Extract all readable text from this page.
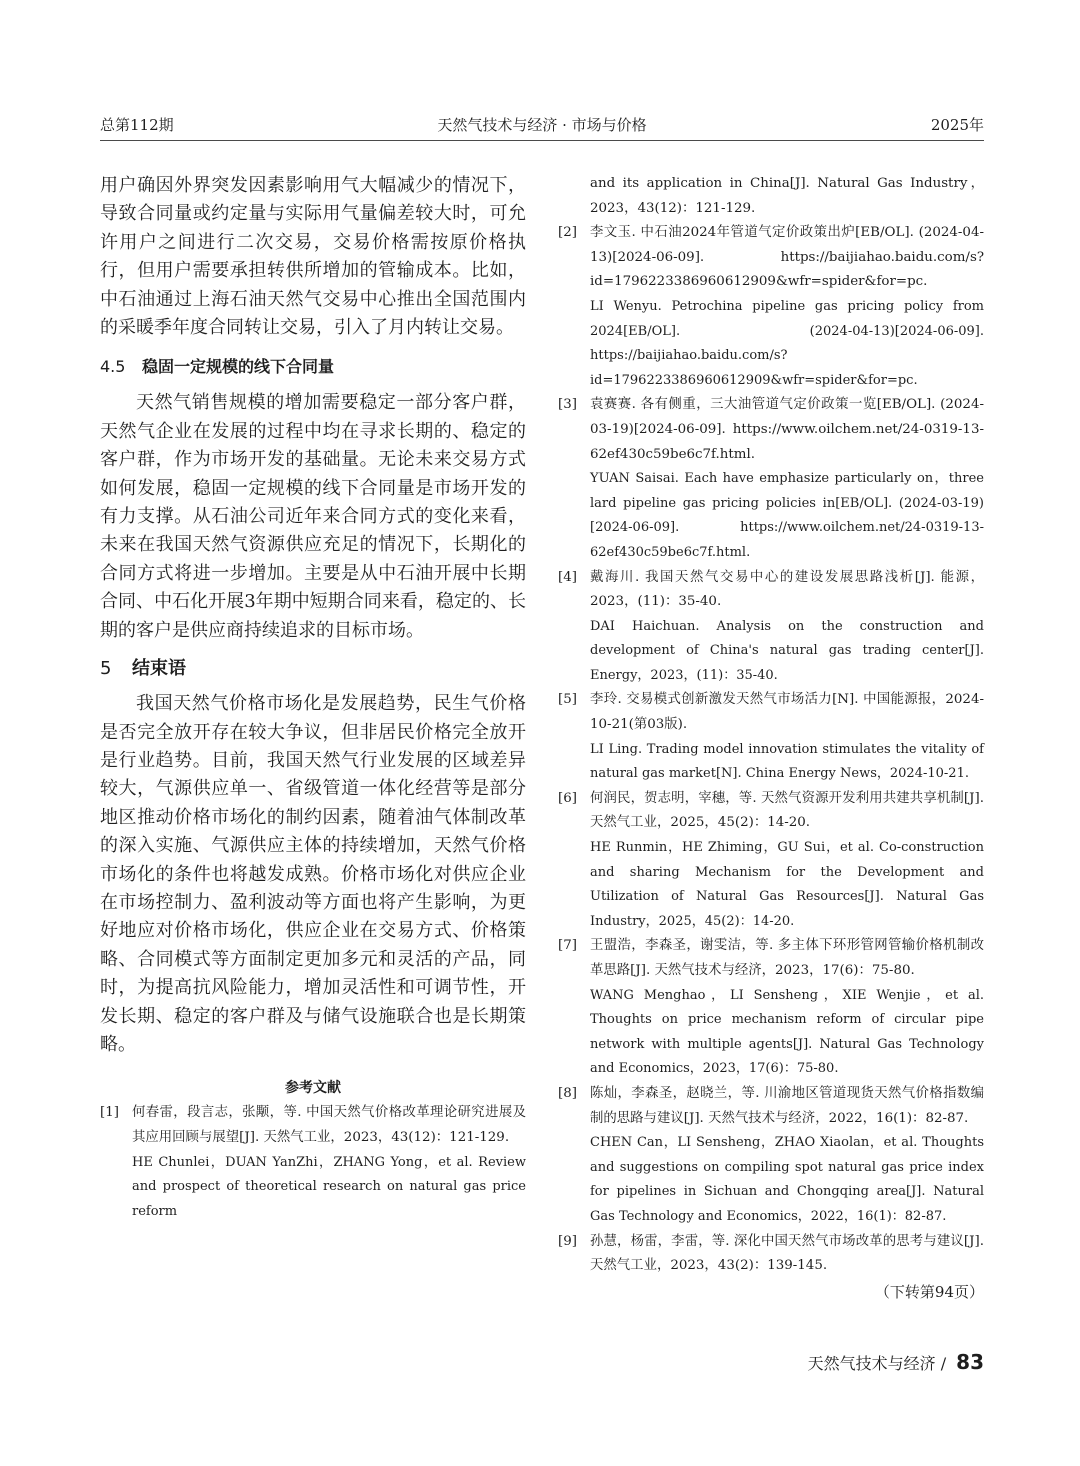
总第112期	天然气技术与经济 · 市场与价格	2025年

用户确因外界突发因素影响用气大幅减少的情况下，导致合同量或约定量与实际用气量偏差较大时，可允许用户之间进行二次交易，交易价格需按原价格执行，但用户需要承担转供所增加的管输成本。比如，中石油通过上海石油天然气交易中心推出全国范围内的采暖季年度合同转让交易，引入了月内转让交易。

4.5 稳固一定规模的线下合同量

天然气销售规模的增加需要稳定一部分客户群，天然气企业在发展的过程中均在寻求长期的、稳定的客户群，作为市场开发的基础量。无论未来交易方式如何发展，稳固一定规模的线下合同量是市场开发的有力支撑。从石油公司近年来合同方式的变化来看，未来在我国天然气资源供应充足的情况下，长期化的合同方式将进一步增加。主要是从中石油开展中长期合同、中石化开展3年期中短期合同来看，稳定的、长期的客户是供应商持续追求的目标市场。

5 结束语

我国天然气价格市场化是发展趋势，民生气价格是否完全放开存在较大争议，但非居民价格完全放开是行业趋势。目前，我国天然气行业发展的区域差异较大，气源供应单一、省级管道一体化经营等是部分地区推动价格市场化的制约因素，随着油气体制改革的深入实施、气源供应主体的持续增加，天然气价格市场化的条件也将越发成熟。价格市场化对供应企业在市场控制力、盈利波动等方面也将产生影响，为更好地应对价格市场化，供应企业在交易方式、价格策略、合同模式等方面制定更加多元和灵活的产品，同时，为提高抗风险能力，增加灵活性和可调节性，开发长期、稳定的客户群及与储气设施联合也是长期策略。

参考文献
[1] 何春雷，段言志，张颙，等. 中国天然气价格改革理论研究进展及其应用回顾与展望[J]. 天然气工业，2023，43(12)：121-129.

HE Chunlei，DUAN YanZhi，ZHANG Yong，et al. Review and prospect of theoretical research on natural gas price reform

and its application in China[J]. Natural Gas Industry，2023，43(12)：121-129.

[2] 李文玉. 中石油2024年管道气定价政策出炉[EB/OL]. (2024-04-13)[2024-06-09]. https://baijiahao.baidu.com/s?id=1796223386960612909&wfr=spider&for=pc.

LI Wenyu. Petrochina pipeline gas pricing policy from 2024[EB/OL]. (2024-04-13)[2024-06-09]. https://baijiahao.baidu.com/s?id=1796223386960612909&wfr=spider&for=pc.

[3] 袁赛赛. 各有侧重，三大油管道气定价政策一览[EB/OL]. (2024-03-19)[2024-06-09]. https://www.oilchem.net/24-0319-13-62ef430c59be6c7f.html.

YUAN Saisai. Each have emphasize particularly on，three lard pipeline gas pricing policies in[EB/OL]. (2024-03-19)[2024-06-09]. https://www.oilchem.net/24-0319-13-62ef430c59be6c7f.html.

[4] 戴海川. 我国天然气交易中心的建设发展思路浅析[J]. 能源，2023，(11)：35-40.

DAI Haichuan. Analysis on the construction and development of China's natural gas trading center[J]. Energy，2023，(11)：35-40.

[5] 李玲. 交易模式创新激发天然气市场活力[N]. 中国能源报，2024-10-21(第03版).

LI Ling. Trading model innovation stimulates the vitality of natural gas market[N]. China Energy News，2024-10-21.

[6] 何润民，贺志明，宰穗，等. 天然气资源开发利用共建共享机制[J]. 天然气工业，2025，45(2)：14-20.

HE Runmin，HE Zhiming，GU Sui，et al. Co-construction and sharing Mechanism for the Development and Utilization of Natural Gas Resources[J]. Natural Gas Industry，2025，45(2)：14-20.

[7] 王盟浩，李森圣，谢雯洁，等. 多主体下环形管网管输价格机制改革思路[J]. 天然气技术与经济，2023，17(6)：75-80.

WANG Menghao，LI Sensheng，XIE Wenjie，et al. Thoughts on price mechanism reform of circular pipe network with multiple agents[J]. Natural Gas Technology and Economics，2023，17(6)：75-80.

[8] 陈灿，李森圣，赵晓兰，等. 川渝地区管道现货天然气价格指数编制的思路与建议[J]. 天然气技术与经济，2022，16(1)：82-87.

CHEN Can，LI Sensheng，ZHAO Xiaolan，et al. Thoughts and suggestions on compiling spot natural gas price index for pipelines in Sichuan and Chongqing area[J]. Natural Gas Technology and Economics，2022，16(1)：82-87.

[9] 孙慧，杨雷，李雷，等. 深化中国天然气市场改革的思考与建议[J]. 天然气工业，2023，43(2)：139-145.

（下转第94页）
天然气技术与经济 / 83
